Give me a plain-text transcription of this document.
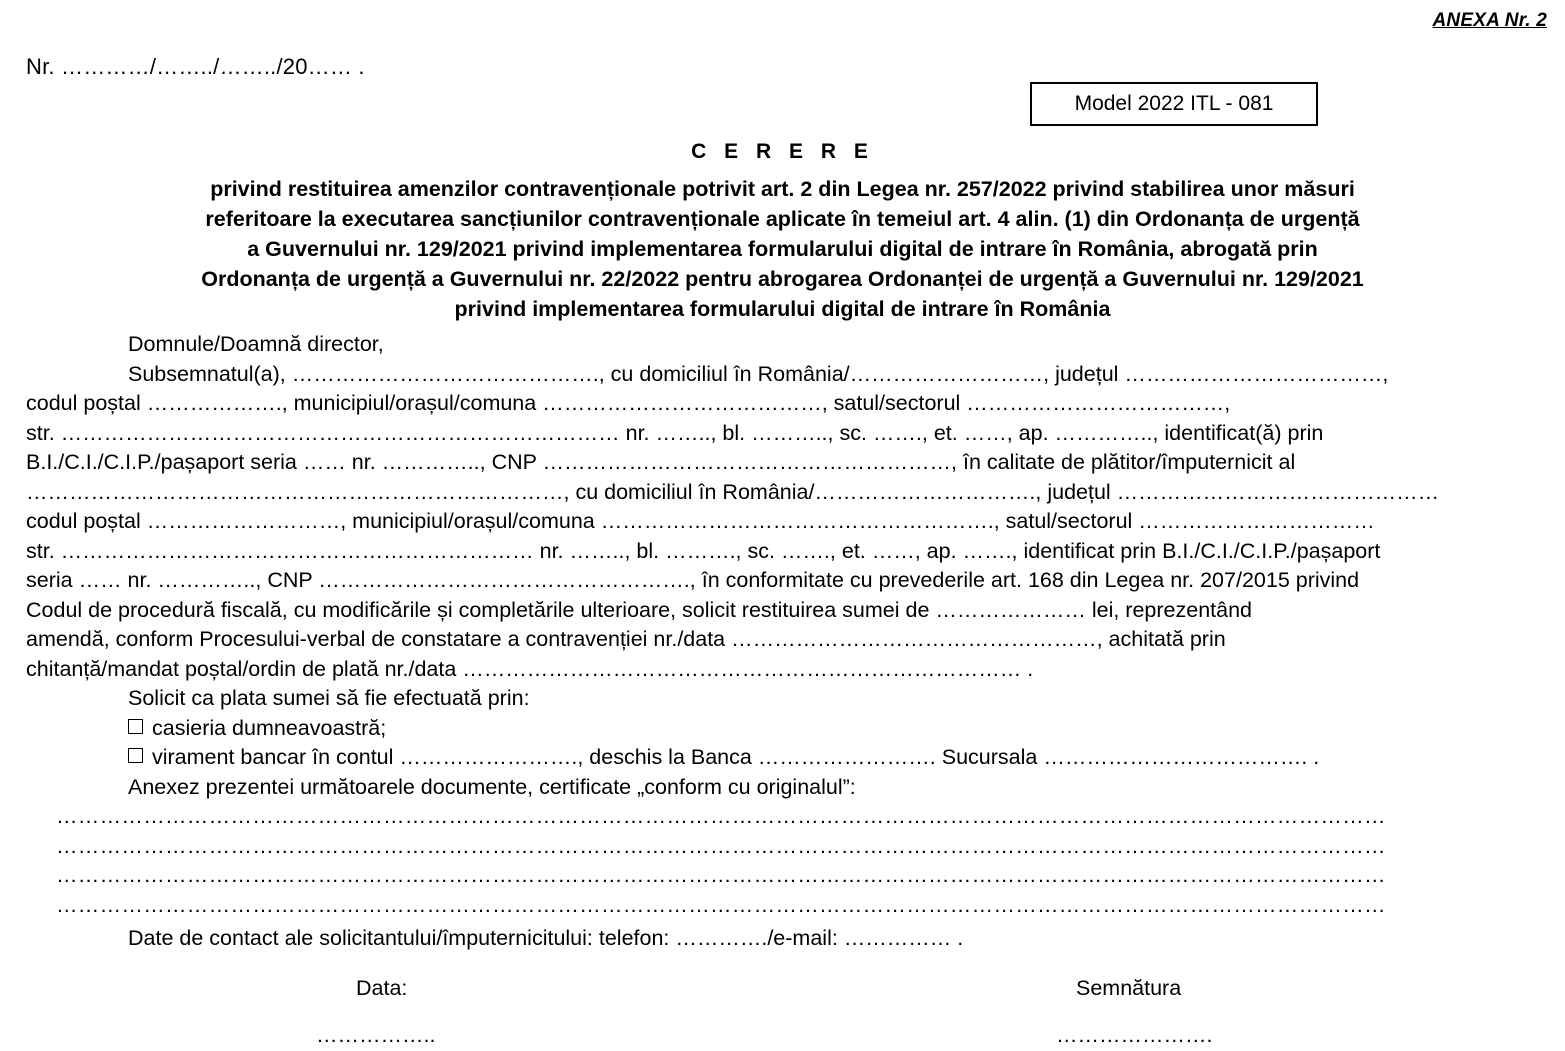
ANEXA Nr. 2
Nr. …………/……../……../20…… .
Model 2022 ITL - 081
C E R E R E
privind restituirea amenzilor contravenționale potrivit art. 2 din Legea nr. 257/2022 privind stabilirea unor măsuri
referitoare la executarea sancțiunilor contravenționale aplicate în temeiul art. 4 alin. (1) din Ordonanța de urgență
a Guvernului nr. 129/2021 privind implementarea formularului digital de intrare în România, abrogată prin
Ordonanța de urgență a Guvernului nr. 22/2022 pentru abrogarea Ordonanței de urgență a Guvernului nr. 129/2021
privind implementarea formularului digital de intrare în România
Domnule/Doamnă director,

Subsemnatul(a), ……………………………………., cu domiciliul în România/………………………, județul ………………………………,

codul poștal ………………., municipiul/orașul/comuna …………………………………, satul/sectorul ………………………………,

str. …………………………………………………………………… nr. …….., bl. ……….., sc. ……., et. ……, ap. ………….., identificat(ă) prin

B.I./C.I./C.I.P./pașaport seria …… nr. ………….., CNP …………………………………………………, în calitate de plătitor/împuternicit al

…………………………………………………………………, cu domiciliul în România/…………………………., județul ………………………………………

codul poștal ………………………, municipiul/orașul/comuna ………………………………………………., satul/sectorul ……………………………

str. ………………………………………………………… nr. …….., bl. ………., sc. ……., et. ……, ap. ……., identificat prin B.I./C.I./C.I.P./pașaport

seria …… nr. ………….., CNP ……………………………………………., în conformitate cu prevederile art. 168 din Legea nr. 207/2015 privind

Codul de procedură fiscală, cu modificările și completările ulterioare, solicit restituirea sumei de ………………… lei, reprezentând

amendă, conform Procesului-verbal de constatare a contravenției nr./data ……………………………………………, achitată prin

chitanță/mandat poștal/ordin de plată nr./data …………………………………………………………………… .

Solicit ca plata sumei să fie efectuată prin:
casieria dumneavoastră;
virament bancar în contul ……………………., deschis la Banca ……………………. Sucursala ………………………………. .
Anexez prezentei următoarele documente, certificate „conform cu originalul”:
…………………………………………………………………………………………………………………………………………………………………
…………………………………………………………………………………………………………………………………………………………………
…………………………………………………………………………………………………………………………………………………………………
…………………………………………………………………………………………………………………………………………………………………
Date de contact ale solicitantului/împuternicitului: telefon: …………./e-mail: …………… .
Data:	Semnătura
……………..	………………….
